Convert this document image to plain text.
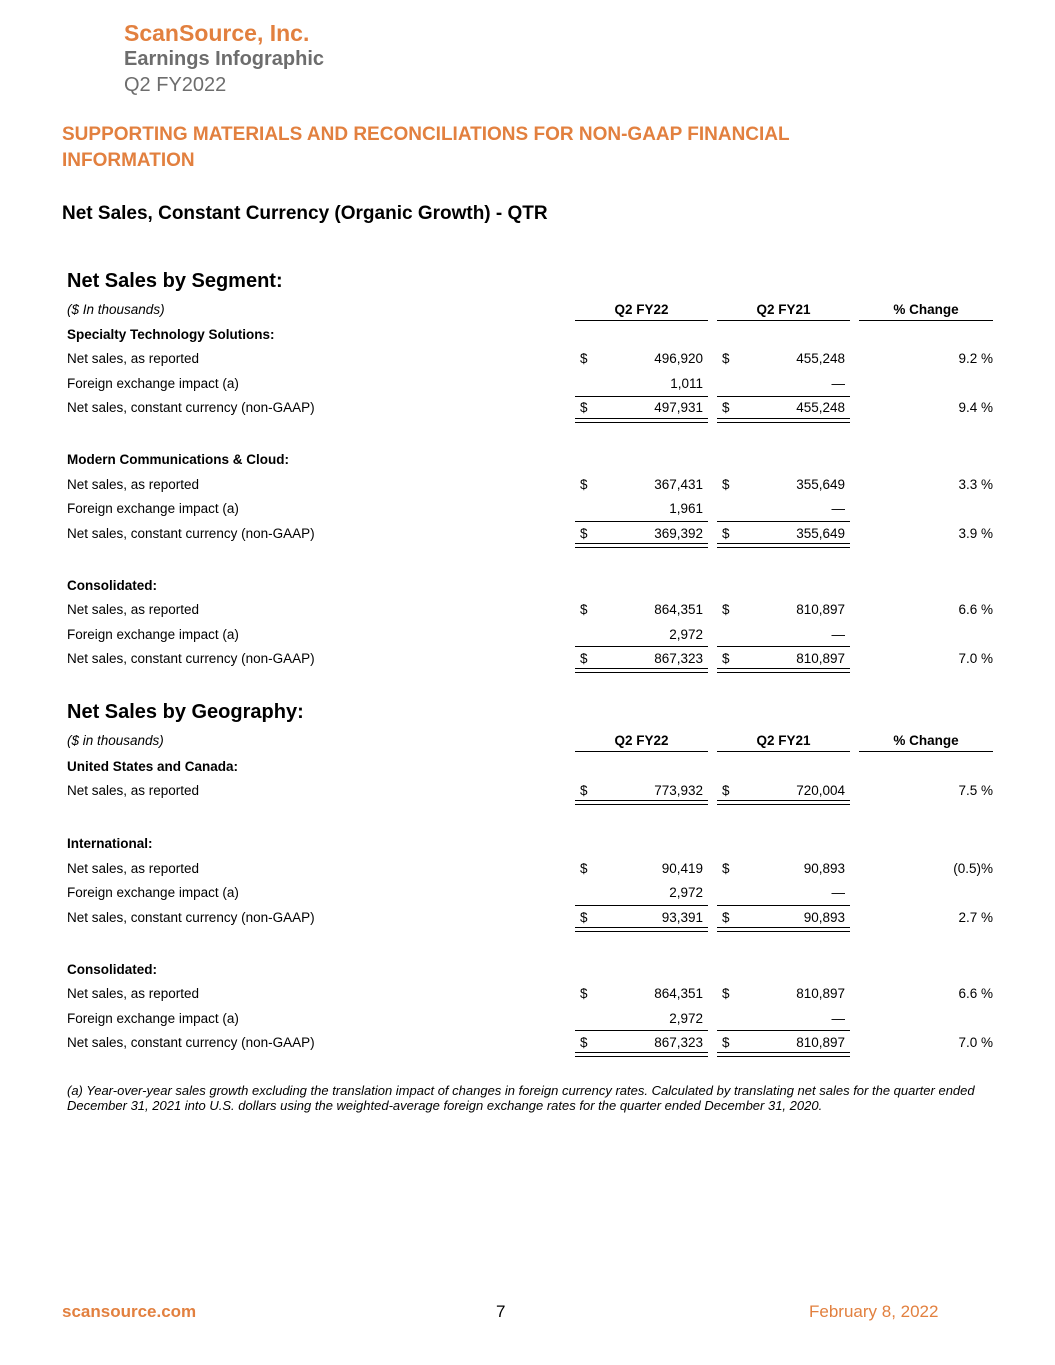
ScanSource, Inc.
Earnings Infographic
Q2 FY2022
SUPPORTING MATERIALS AND RECONCILIATIONS FOR NON-GAAP FINANCIAL INFORMATION
Net Sales, Constant Currency (Organic Growth) - QTR
Net Sales by Segment:
($ In thousands)	Q2 FY22	Q2 FY21	% Change
Specialty Technology Solutions:
Net sales, as reported	$	496,920 $	455,248	9.2 %
Foreign exchange impact (a)	1,011	—
Net sales, constant currency (non-GAAP)	$	497,931 $	455,248	9.4 %
Modern Communications & Cloud:
Net sales, as reported	$	367,431 $	355,649	3.3 %
Foreign exchange impact (a)	1,961	—
Net sales, constant currency (non-GAAP)	$	369,392 $	355,649	3.9 %
Consolidated:
Net sales, as reported	$	864,351 $	810,897	6.6 %
Foreign exchange impact (a)	2,972	—
Net sales, constant currency (non-GAAP)	$	867,323 $	810,897	7.0 %
Net Sales by Geography:
($ in thousands)	Q2 FY22	Q2 FY21	% Change
United States and Canada:
Net sales, as reported	$	773,932 $	720,004	7.5 %
International:
Net sales, as reported	$	90,419 $	90,893	(0.5)%
Foreign exchange impact (a)	2,972	—
Net sales, constant currency (non-GAAP)	$	93,391 $	90,893	2.7 %
Consolidated:
Net sales, as reported	$	864,351 $	810,897	6.6 %
Foreign exchange impact (a)	2,972	—
Net sales, constant currency (non-GAAP)	$	867,323 $	810,897	7.0 %
(a) Year-over-year sales growth excluding the translation impact of changes in foreign currency rates. Calculated by translating net sales for the quarter ended December 31, 2021 into U.S. dollars using the weighted-average foreign exchange rates for the quarter ended December 31, 2020.
scansource.com	7	February 8, 2022
